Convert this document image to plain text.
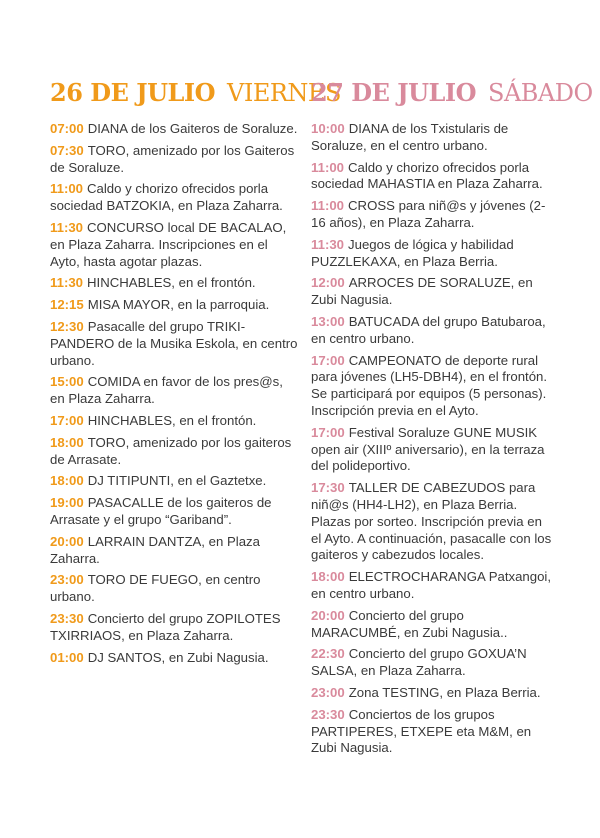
26 DE JULIO VIERNES
07:00 DIANA de los Gaiteros de Soraluze.
07:30 TORO, amenizado por los Gaiteros de Soraluze.
11:00 Caldo y chorizo ofrecidos porla sociedad BATZOKIA, en Plaza Zaharra.
11:30 CONCURSO local DE BACALAO, en Plaza Zaharra. Inscripciones en el Ayto, hasta agotar plazas.
11:30 HINCHABLES, en el frontón.
12:15 MISA MAYOR, en la parroquia.
12:30 Pasacalle del grupo TRIKI-PANDERO de la Musika Eskola, en centro urbano.
15:00 COMIDA en favor de los pres@s, en Plaza Zaharra.
17:00 HINCHABLES, en el frontón.
18:00 TORO, amenizado por los gaiteros de Arrasate.
18:00 DJ TITIPUNTI, en el Gaztetxe.
19:00 PASACALLE de los gaiteros de Arrasate y el grupo “Gariband”.
20:00 LARRAIN DANTZA, en Plaza Zaharra.
23:00 TORO DE FUEGO, en centro urbano.
23:30 Concierto del grupo ZOPILOTES TXIRRIAOS, en Plaza Zaharra.
01:00 DJ SANTOS, en Zubi Nagusia.
27 DE JULIO SÁBADO
10:00 DIANA de los Txistularis de Soraluze, en el centro urbano.
11:00 Caldo y chorizo ofrecidos porla sociedad MAHASTIA en Plaza Zaharra.
11:00 CROSS para niñ@s y jóvenes (2-16 años), en Plaza Zaharra.
11:30 Juegos de lógica y habilidad PUZZLEKAXA, en Plaza Berria.
12:00 ARROCES DE SORALUZE, en Zubi Nagusia.
13:00 BATUCADA del grupo Batubaroa, en centro urbano.
17:00 CAMPEONATO de deporte rural para jóvenes (LH5-DBH4), en el frontón. Se participará por equipos (5 personas). Inscripción previa en el Ayto.
17:00 Festival Soraluze GUNE MUSIK open air (XIIIº aniversario), en la terraza del polideportivo.
17:30 TALLER DE CABEZUDOS para niñ@s (HH4-LH2), en Plaza Berria. Plazas por sorteo. Inscripción previa en el Ayto. A continuación, pasacalle con los gaiteros y cabezudos locales.
18:00 ELECTROCHARANGA Patxangoi, en centro urbano.
20:00 Concierto del grupo MARACUMBÉ, en Zubi Nagusia..
22:30 Concierto del grupo GOXUA’N SALSA, en Plaza Zaharra.
23:00 Zona TESTING, en Plaza Berria.
23:30 Conciertos de los grupos PARTIPERES, ETXEPE eta M&M, en Zubi Nagusia.
